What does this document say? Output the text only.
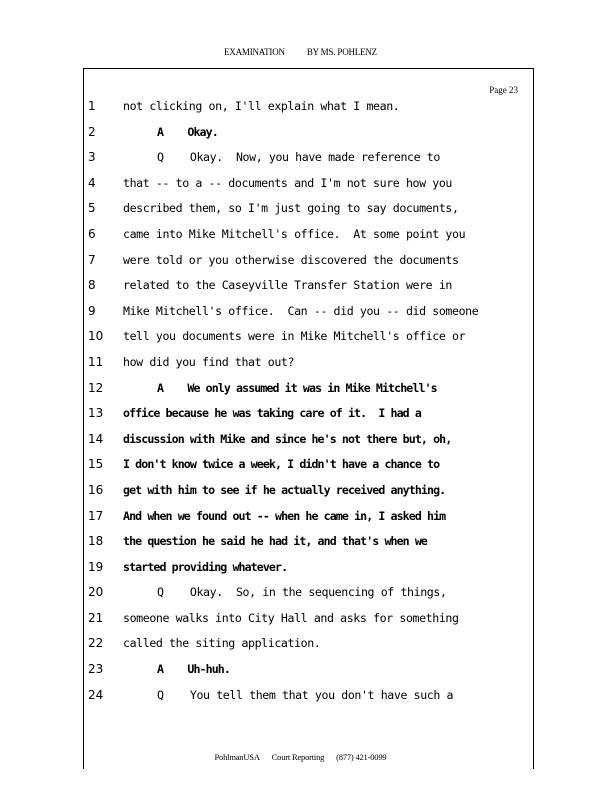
EXAMINATION BY MS. POHLENZ
Page 23
1	not clicking on, I'll explain what I mean.
2	A    Okay.
3	Q    Okay.  Now, you have made reference to
4	that -- to a -- documents and I'm not sure how you
5	described them, so I'm just going to say documents,
6	came into Mike Mitchell's office.  At some point you
7	were told or you otherwise discovered the documents
8	related to the Caseyville Transfer Station were in
9	Mike Mitchell's office.  Can -- did you -- did someone
10 tell you documents were in Mike Mitchell's office or
11 how did you find that out?
12	A    We only assumed it was in Mike Mitchell's
13 office because he was taking care of it.  I had a
14 discussion with Mike and since he's not there but, oh,
15 I don't know twice a week, I didn't have a chance to
16 get with him to see if he actually received anything.
17 And when we found out -- when he came in, I asked him
18 the question he said he had it, and that's when we
19 started providing whatever.
20	Q    Okay.  So, in the sequencing of things,
21 someone walks into City Hall and asks for something
22 called the siting application.
23	A    Uh-huh.
24	Q    You tell them that you don't have such a
PohlmanUSA Court Reporting (877) 421-0099
